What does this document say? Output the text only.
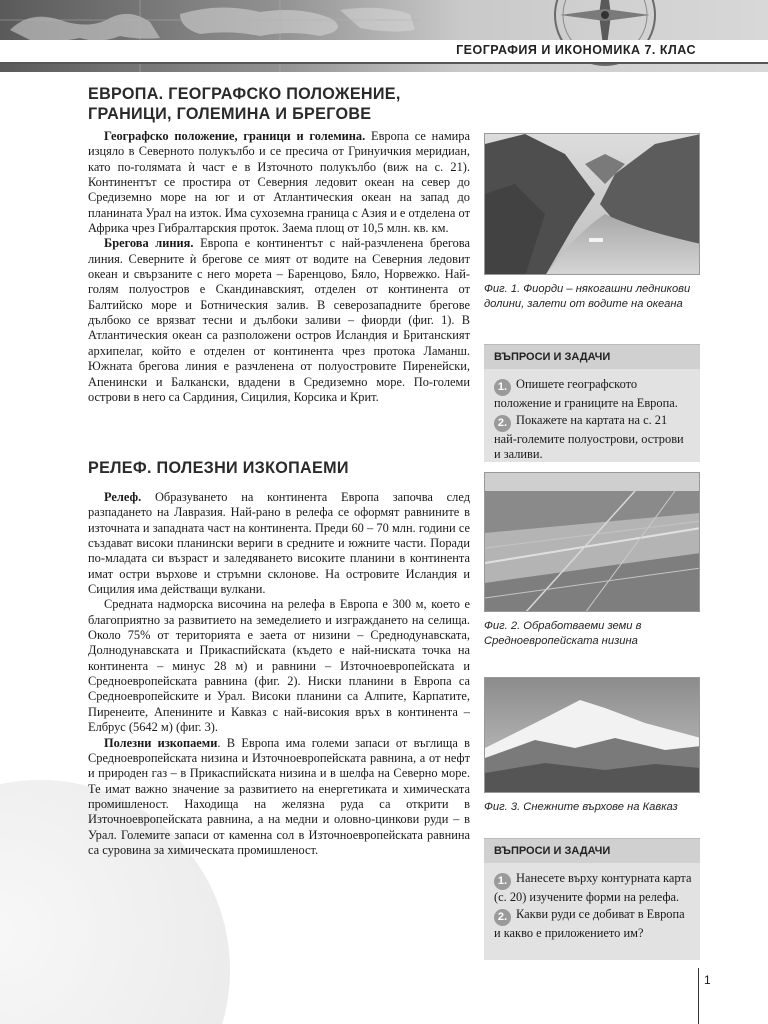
ГЕОГРАФИЯ И ИКОНОМИКА 7. КЛАС
ЕВРОПА. ГЕОГРАФСКО ПОЛОЖЕНИЕ,
ГРАНИЦИ, ГОЛЕМИНА И БРЕГОВЕ

Географско положение, граници и големина. Европа се намира изцяло в Северното полукълбо и се пресича от Гринуичкия меридиан, като по-голямата ѝ част е в Източното полукълбо (виж на с. 21). Континентът се простира от Северния ледовит океан на север до Средиземно море на юг и от Атлантическия океан на запад до планината Урал на изток. Има сухоземна граница с Азия и е отделена от Африка чрез Гибралтарския проток. Заема площ от 10,5 млн. кв. км.

Брегова линия. Европа е континентът с най-разчленена брегова линия. Северните ѝ брегове се мият от водите на Северния ледовит океан и свързаните с него морета – Баренцово, Бяло, Норвежко. Най-голям полуостров е Скандинавският, отделен от континента от Балтийско море и Ботническия залив. В северозападните брегове дълбоко се врязват тесни и дълбоки заливи – фиорди (фиг. 1). В Атлантическия океан са разположени остров Исландия и Британският архипелаг, който е отделен от континента чрез протока Ламанш. Южната брегова линия е разчленена от полуостровите Пиренейски, Апенински и Балкански, вдадени в Средиземно море. По-големи острови в него са Сардиния, Сицилия, Корсика и Крит.

РЕЛЕФ. ПОЛЕЗНИ ИЗКОПАЕМИ

Релеф. Образуването на континента Европа започва след разпадането на Лавразия. Най-рано в релефа се оформят равнините в източната и западната част на континента. Преди 60 – 70 млн. години се създават високи планински вериги в средните и южните части. Поради по-младата си възраст и заледяването високите планини в континента имат остри върхове и стръмни склонове. На островите Исландия и Сицилия има действащи вулкани.

Средната надморска височина на релефа в Европа е 300 м, което е благоприятно за развитието на земеделието и изграждането на селища. Около 75% от територията е заета от низини – Среднодунавската, Долнодунавската и Прикаспийската (където е най-ниската точка на континента – минус 28 м) и равнини – Източноевропейската и Средноевропейската равнина (фиг. 2). Ниски планини в Европа са Средноевропейските и Урал. Високи планини са Алпите, Карпатите, Пиренеите, Апенините и Кавказ с най-високия връх в континента – Елбрус (5642 м) (фиг. 3).

Полезни изкопаеми. В Европа има големи запаси от въглища в Средноевропейската низина и Източноевропейската равнина, а от нефт и природен газ – в Прикаспийската низина и в шелфа на Северно море. Те имат важно значение за развитието на енергетиката и химическата промишленост. Находища на желязна руда са открити в Източноевропейската равнина, а на медни и оловно-цинкови руди – в Урал. Големите запаси от каменна сол в Източноевропейската равнина са суровина за химическата промишленост.

Фиг. 1. Фиорди – някогашни ледникови долини, залети от водите на океана
ВЪПРОСИ И ЗАДАЧИ
1. Опишете географското положение и границите на Европа.
2. Покажете на картата на с. 21 най-големите полуострови, острови и заливи.
Фиг. 2. Обработваеми земи в Средноевропейската низина
Фиг. 3. Снежните върхове на Кавказ
ВЪПРОСИ И ЗАДАЧИ
1. Нанесете върху контурната карта (с. 20) изучените форми на релефа.
2. Какви руди се добиват в Европа и какво е приложението им?
1
